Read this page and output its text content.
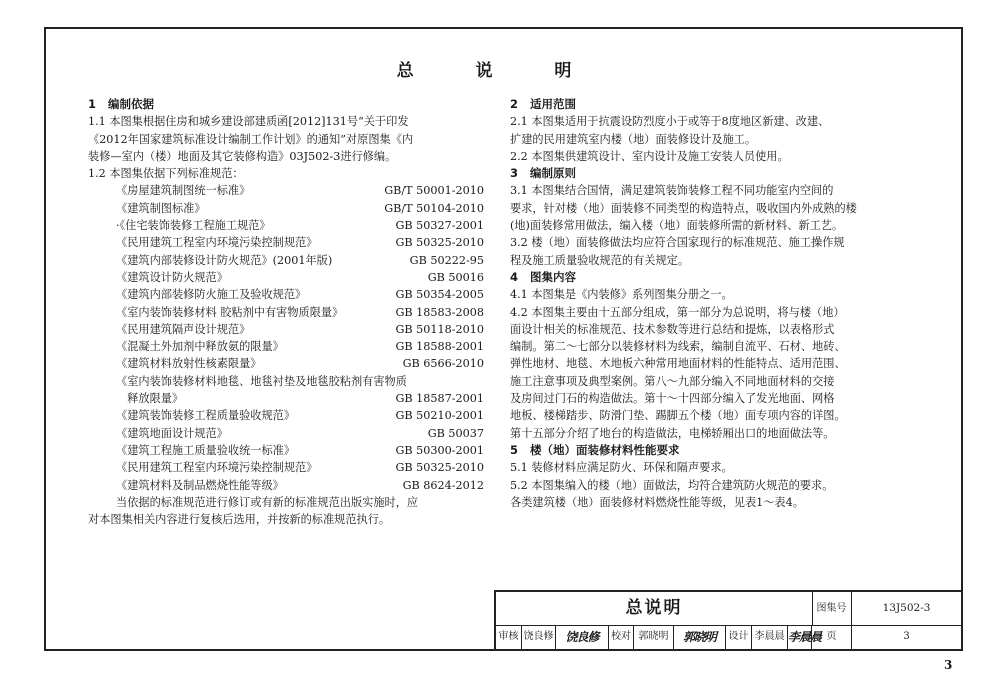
总 说 明
1 编制依据
1.1 本图集根据住房和城乡建设部建质函[2012]131号“关于印发
《2012年国家建筑标准设计编制工作计划》的通知”对原图集《内
装修—室内（楼）地面及其它装修构造》03J502-3进行修编。
1.2 本图集依据下列标准规范：
《房屋建筑制图统一标准》	GB/T 50001-2010
《建筑制图标准》	GB/T 50104-2010
·《住宅装饰装修工程施工规范》	GB 50327-2001
《民用建筑工程室内环境污染控制规范》	GB 50325-2010
《建筑内部装修设计防火规范》(2001年版)	GB 50222-95
《建筑设计防火规范》	GB 50016
《建筑内部装修防火施工及验收规范》	GB 50354-2005
《室内装饰装修材料 胶粘剂中有害物质限量》	GB 18583-2008
《民用建筑隔声设计规范》	GB 50118-2010
《混凝土外加剂中释放氨的限量》	GB 18588-2001
《建筑材料放射性核素限量》	GB 6566-2010
《室内装饰装修材料地毯、地毯衬垫及地毯胶粘剂有害物质
　释放限量》	GB 18587-2001
《建筑装饰装修工程质量验收规范》	GB 50210-2001
《建筑地面设计规范》	GB 50037
《建筑工程施工质量验收统一标准》	GB 50300-2001
《民用建筑工程室内环境污染控制规范》	GB 50325-2010
《建筑材料及制品燃烧性能等级》	GB 8624-2012
当依据的标准规范进行修订或有新的标准规范出版实施时，应
对本图集相关内容进行复核后选用，并按新的标准规范执行。
2 适用范围
2.1 本图集适用于抗震设防烈度小于或等于8度地区新建、改建、
扩建的民用建筑室内楼（地）面装修设计及施工。
2.2 本图集供建筑设计、室内设计及施工安装人员使用。
3 编制原则
3.1 本图集结合国情，满足建筑装饰装修工程不同功能室内空间的
要求，针对楼（地）面装修不同类型的构造特点，吸收国内外成熟的楼
(地)面装修常用做法，编入楼（地）面装修所需的新材料、新工艺。
3.2 楼（地）面装修做法均应符合国家现行的标准规范、施工操作规
程及施工质量验收规范的有关规定。
4 图集内容
4.1 本图集是《内装修》系列图集分册之一。
4.2 本图集主要由十五部分组成，第一部分为总说明，将与楼（地）
面设计相关的标准规范、技术参数等进行总结和提炼，以表格形式
编制。第二～七部分以装修材料为线索，编制自流平、石材、地砖、
弹性地材、地毯、木地板六种常用地面材料的性能特点、适用范围、
施工注意事项及典型案例。第八～九部分编入不同地面材料的交接
及房间过门石的构造做法。第十～十四部分编入了发光地面、网格
地板、楼梯踏步、防滑门垫、踢脚五个楼（地）面专项内容的详图。
第十五部分介绍了地台的构造做法，电梯轿厢出口的地面做法等。
5 楼（地）面装修材料性能要求
5.1 装修材料应满足防火、环保和隔声要求。
5.2 本图集编入的楼（地）面做法，均符合建筑防火规范的要求。
各类建筑楼（地）面装修材料燃烧性能等级，见表1～表4。
总说明	图集号	13J502-3
审核 饶良修 饶良修	校对 郭晓明	郭晓明	设计 李晨晨 李晨晨 页	3
3
